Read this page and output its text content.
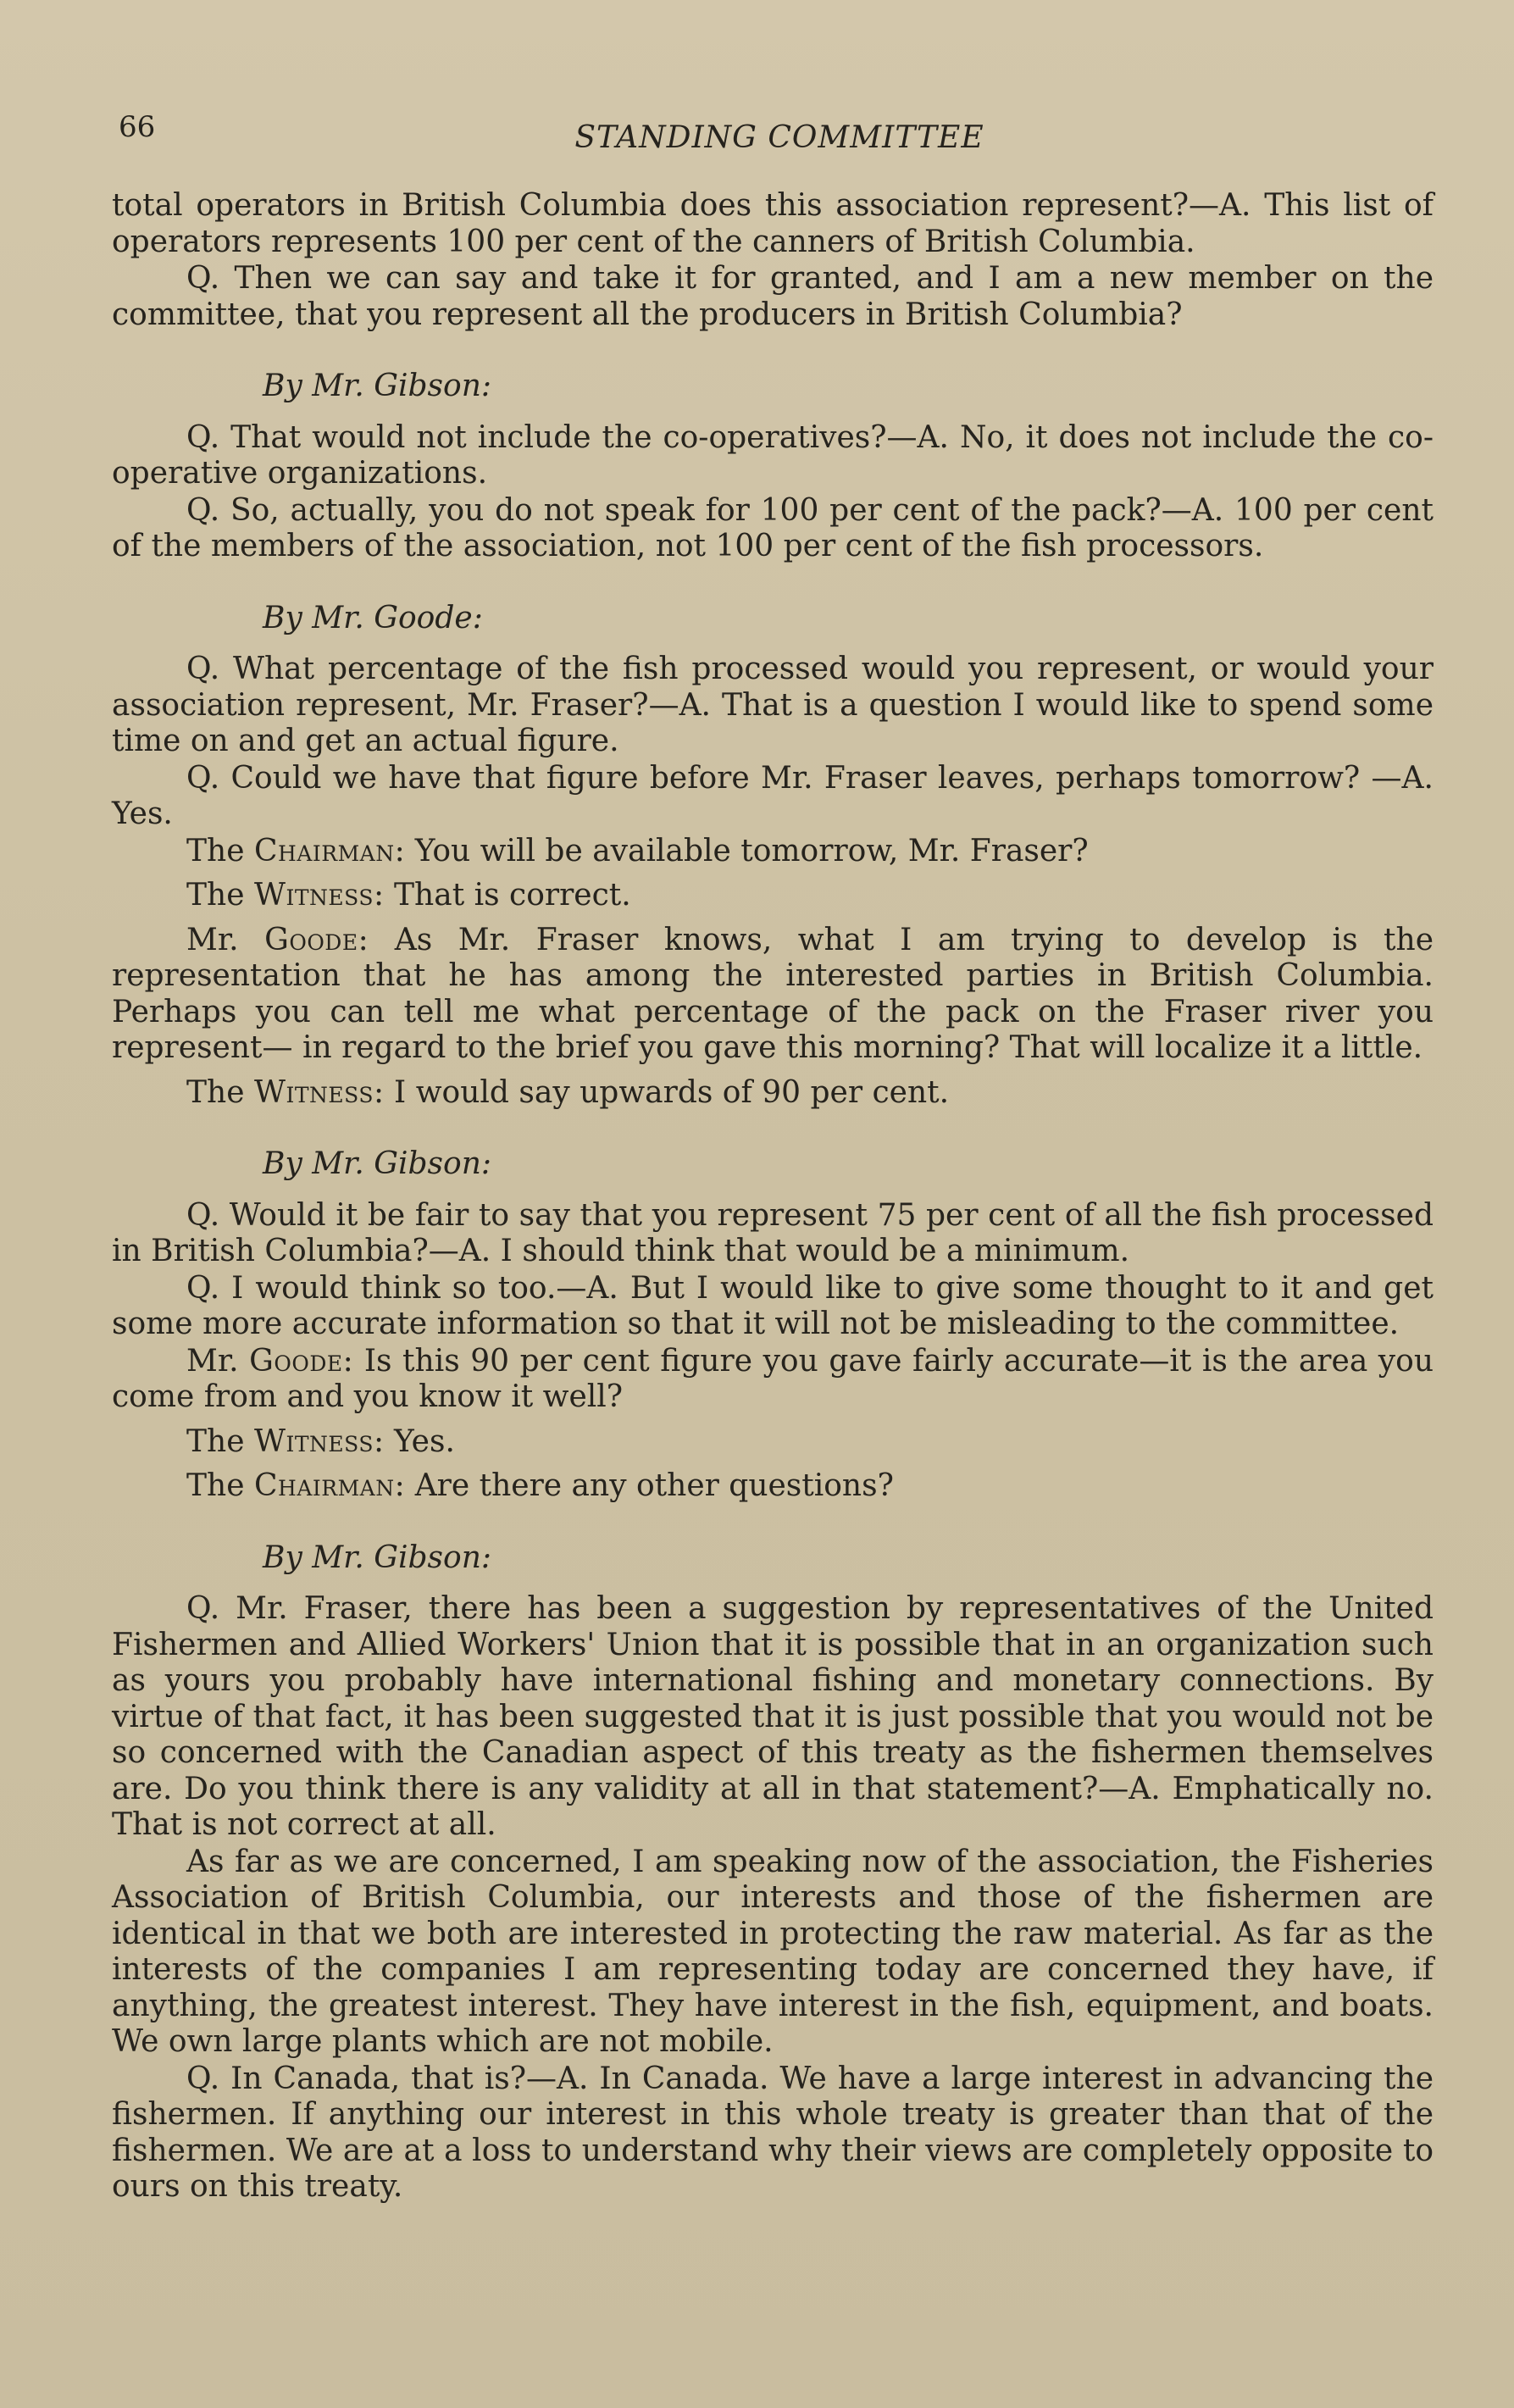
66	STANDING COMMITTEE

total operators in British Columbia does this association represent?—A. This list of operators represents 100 per cent of the canners of British Columbia.

Q. Then we can say and take it for granted, and I am a new member on the committee, that you represent all the producers in British Columbia?

By Mr. Gibson:

Q. That would not include the co-operatives?—A. No, it does not include the co-operative organizations.

Q. So, actually, you do not speak for 100 per cent of the pack?—A. 100 per cent of the members of the association, not 100 per cent of the fish processors.

By Mr. Goode:

Q. What percentage of the fish processed would you represent, or would your association represent, Mr. Fraser?—A. That is a question I would like to spend some time on and get an actual figure.

Q. Could we have that figure before Mr. Fraser leaves, perhaps tomorrow? —A. Yes.

The Chairman: You will be available tomorrow, Mr. Fraser?

The Witness: That is correct.

Mr. Goode: As Mr. Fraser knows, what I am trying to develop is the representation that he has among the interested parties in British Columbia. Perhaps you can tell me what percentage of the pack on the Fraser river you represent— in regard to the brief you gave this morning? That will localize it a little.

The Witness: I would say upwards of 90 per cent.

By Mr. Gibson:

Q. Would it be fair to say that you represent 75 per cent of all the fish processed in British Columbia?—A. I should think that would be a minimum.

Q. I would think so too.—A. But I would like to give some thought to it and get some more accurate information so that it will not be misleading to the committee.

Mr. Goode: Is this 90 per cent figure you gave fairly accurate—it is the area you come from and you know it well?

The Witness: Yes.

The Chairman: Are there any other questions?

By Mr. Gibson:

Q. Mr. Fraser, there has been a suggestion by representatives of the United Fishermen and Allied Workers' Union that it is possible that in an organization such as yours you probably have international fishing and monetary connections. By virtue of that fact, it has been suggested that it is just possible that you would not be so concerned with the Canadian aspect of this treaty as the fishermen themselves are. Do you think there is any validity at all in that statement?—A. Emphatically no. That is not correct at all.

As far as we are concerned, I am speaking now of the association, the Fisheries Association of British Columbia, our interests and those of the fishermen are identical in that we both are interested in protecting the raw material. As far as the interests of the companies I am representing today are concerned they have, if anything, the greatest interest. They have interest in the fish, equipment, and boats. We own large plants which are not mobile.

Q. In Canada, that is?—A. In Canada. We have a large interest in advancing the fishermen. If anything our interest in this whole treaty is greater than that of the fishermen. We are at a loss to understand why their views are completely opposite to ours on this treaty.
